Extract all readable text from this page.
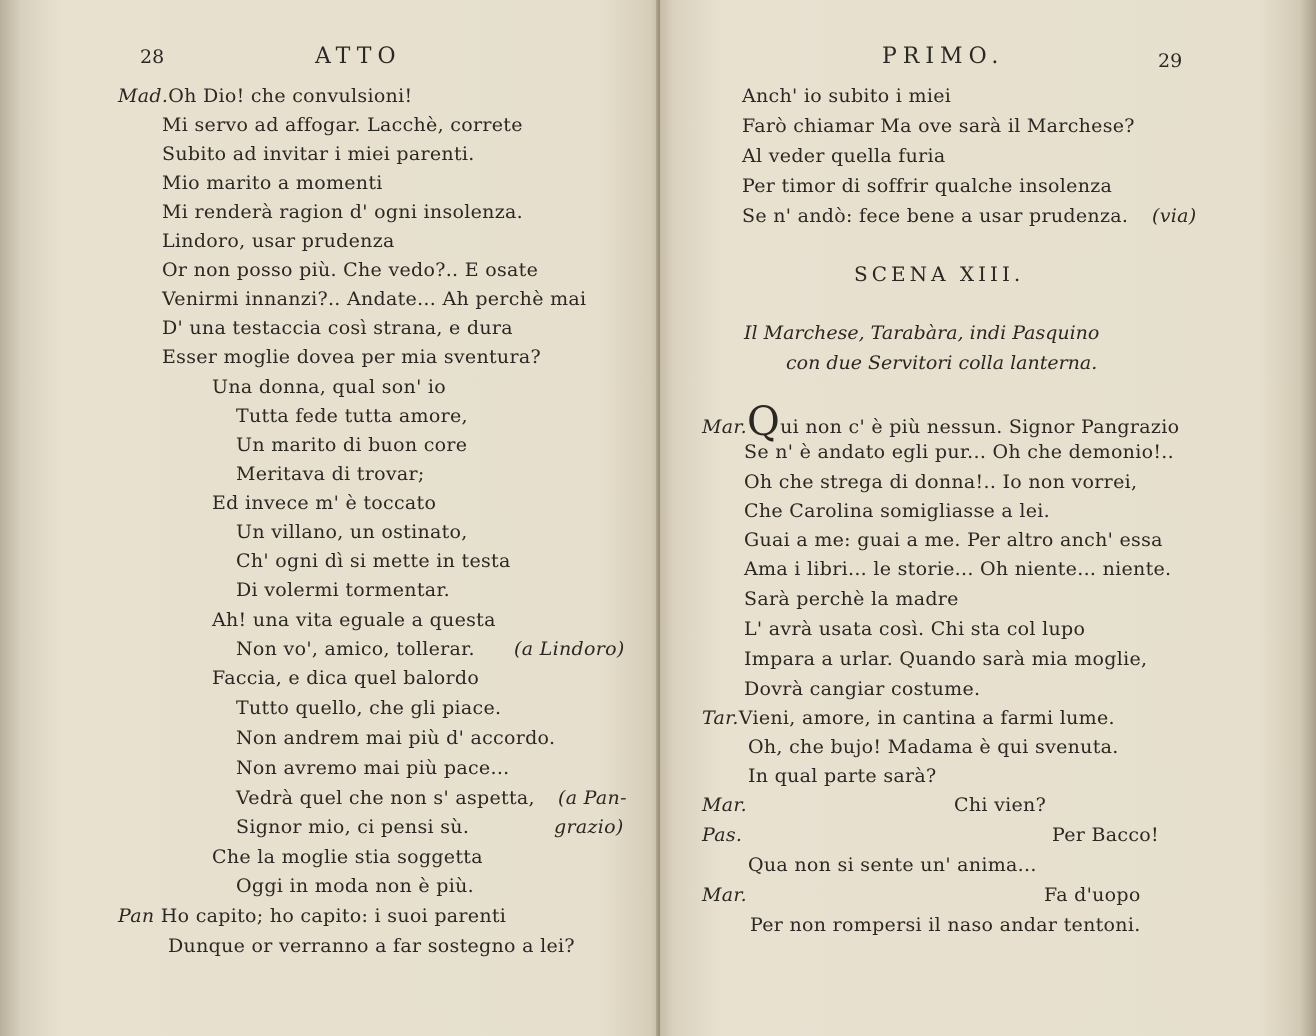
28	ATTO
Mad.Oh Dio! che convulsioni!
Mi servo ad affogar. Lacchè, correte
Subito ad invitar i miei parenti.
Mio marito a momenti
Mi renderà ragion d' ogni insolenza.
Lindoro, usar prudenza
Or non posso più. Che vedo?.. E osate
Venirmi innanzi?.. Andate... Ah perchè mai
D' una testaccia così strana, e dura
Esser moglie dovea per mia sventura?
Una donna, qual son' io
Tutta fede tutta amore,
Un marito di buon core
Meritava di trovar;
Ed invece m' è toccato
Un villano, un ostinato,
Ch' ogni dì si mette in testa
Di volermi tormentar.
Ah! una vita eguale a questa
Non vo', amico, tollerar. (a Lindoro)
Faccia, e dica quel balordo
Tutto quello, che gli piace.
Non andrem mai più d' accordo.
Non avremo mai più pace...
Vedrà quel che non s' aspetta, (a Pan-
Signor mio, ci pensi sù.	grazio)
Che la moglie stia soggetta
Oggi in moda non è più.
Pan Ho capito; ho capito: i suoi parenti
Dunque or verranno a far sostegno a lei?
PRIMO.	29
Anch' io subito i miei
Farò chiamar Ma ove sarà il Marchese?
Al veder quella furia
Per timor di soffrir qualche insolenza
Se n' andò: fece bene a usar prudenza. (via)
SCENA XIII.
Il Marchese, Tarabàra, indi Pasquino
con due Servitori colla lanterna.
Mar.Qui non c' è più nessun. Signor Pangrazio
Se n' è andato egli pur... Oh che demonio!..
Oh che strega di donna!.. Io non vorrei,
Che Carolina somigliasse a lei.
Guai a me: guai a me. Per altro anch' essa
Ama i libri... le storie... Oh niente... niente.
Sarà perchè la madre
L' avrà usata così. Chi sta col lupo
Impara a urlar. Quando sarà mia moglie,
Dovrà cangiar costume.
Tar.Vieni, amore, in cantina a farmi lume.
Oh, che bujo! Madama è qui svenuta.
In qual parte sarà?
Mar.	Chi vien?
Pas.	Per Bacco!
Qua non si sente un' anima...
Mar.	Fa d'uopo
Per non rompersi il naso andar tentoni.
